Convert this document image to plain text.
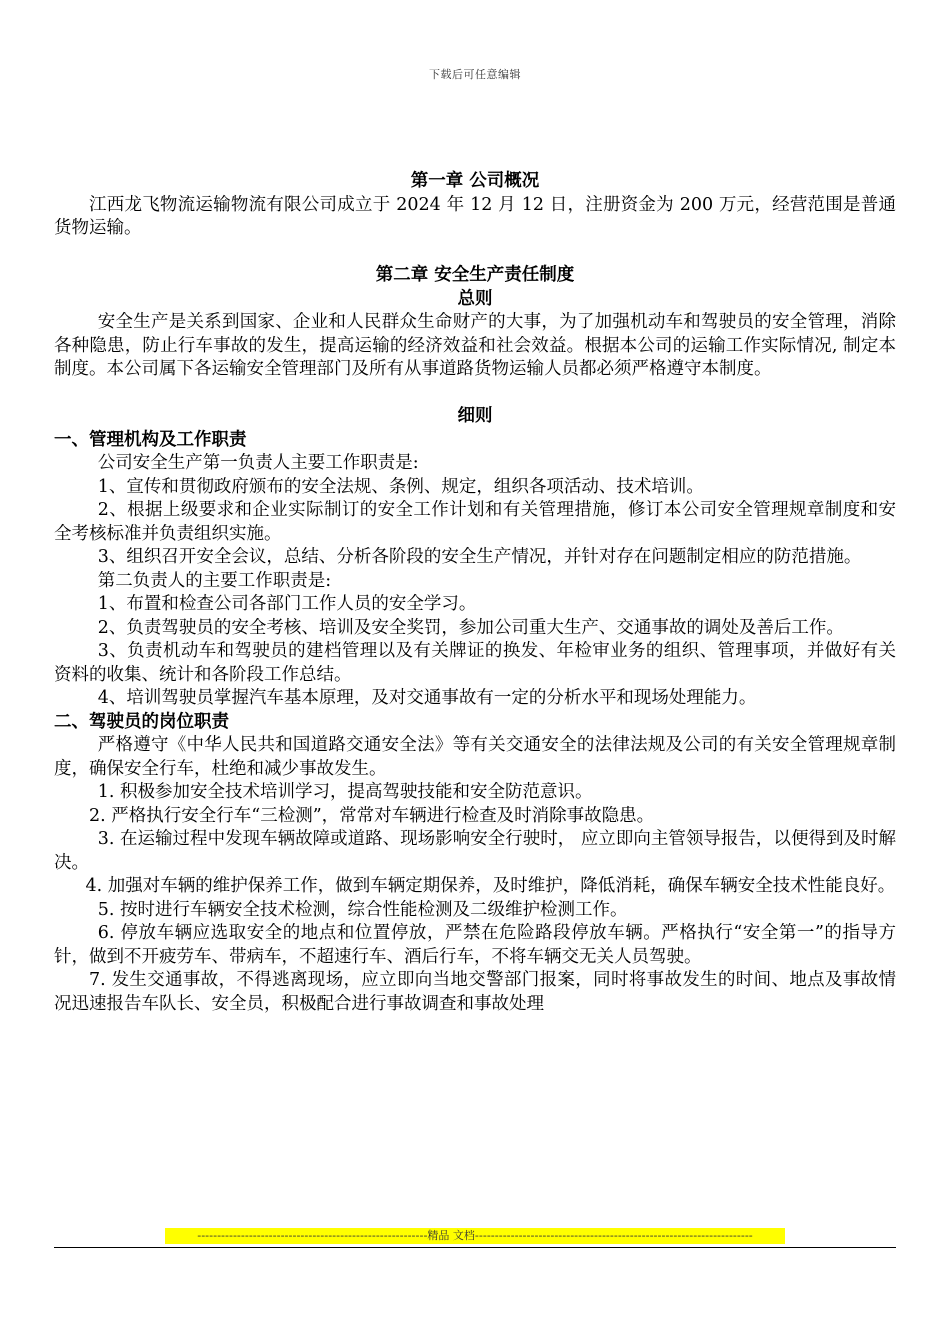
下载后可任意编辑

第一章 公司概况

江西龙飞物流运输物流有限公司成立于 2024 年 12 月 12 日，注册资金为 200 万元，经营范围是普通货物运输。

第二章 安全生产责任制度

总则

安全生产是关系到国家、企业和人民群众生命财产的大事，为了加强机动车和驾驶员的安全管理，消除各种隐患，防止行车事故的发生，提高运输的经济效益和社会效益。根据本公司的运输工作实际情况, 制定本制度。本公司属下各运输安全管理部门及所有从事道路货物运输人员都必须严格遵守本制度。

细则

一、管理机构及工作职责

公司安全生产第一负责人主要工作职责是:

1、宣传和贯彻政府颁布的安全法规、条例、规定，组织各项活动、技术培训。

2、根据上级要求和企业实际制订的安全工作计划和有关管理措施，修订本公司安全管理规章制度和安全考核标准并负责组织实施。

3、组织召开安全会议，总结、分析各阶段的安全生产情况，并针对存在问题制定相应的防范措施。

第二负责人的主要工作职责是:

1、布置和检查公司各部门工作人员的安全学习。

2、负责驾驶员的安全考核、培训及安全奖罚，参加公司重大生产、交通事故的调处及善后工作。

3、负责机动车和驾驶员的建档管理以及有关牌证的换发、年检审业务的组织、管理事项，并做好有关资料的收集、统计和各阶段工作总结。

4、培训驾驶员掌握汽车基本原理，及对交通事故有一定的分析水平和现场处理能力。

二、驾驶员的岗位职责

严格遵守《中华人民共和国道路交通安全法》等有关交通安全的法律法规及公司的有关安全管理规章制度，确保安全行车，杜绝和减少事故发生。

1. 积极参加安全技术培训学习，提高驾驶技能和安全防范意识。

2. 严格执行安全行车“三检测”，常常对车辆进行检查及时消除事故隐患。

3. 在运输过程中发现车辆故障或道路、现场影响安全行驶时， 应立即向主管领导报告，以便得到及时解决。

4. 加强对车辆的维护保养工作，做到车辆定期保养，及时维护，降低消耗，确保车辆安全技术性能良好。

5. 按时进行车辆安全技术检测，综合性能检测及二级维护检测工作。

6. 停放车辆应选取安全的地点和位置停放，严禁在危险路段停放车辆。严格执行“安全第一”的指导方针，做到不开疲劳车、带病车，不超速行车、酒后行车，不将车辆交无关人员驾驶。

7. 发生交通事故，不得逃离现场，应立即向当地交警部门报案，同时将事故发生的时间、地点及事故情况迅速报告车队长、安全员，积极配合进行事故调查和事故处理

----------------------------------------------------------精品 文档----------------------------------------------------------------------
